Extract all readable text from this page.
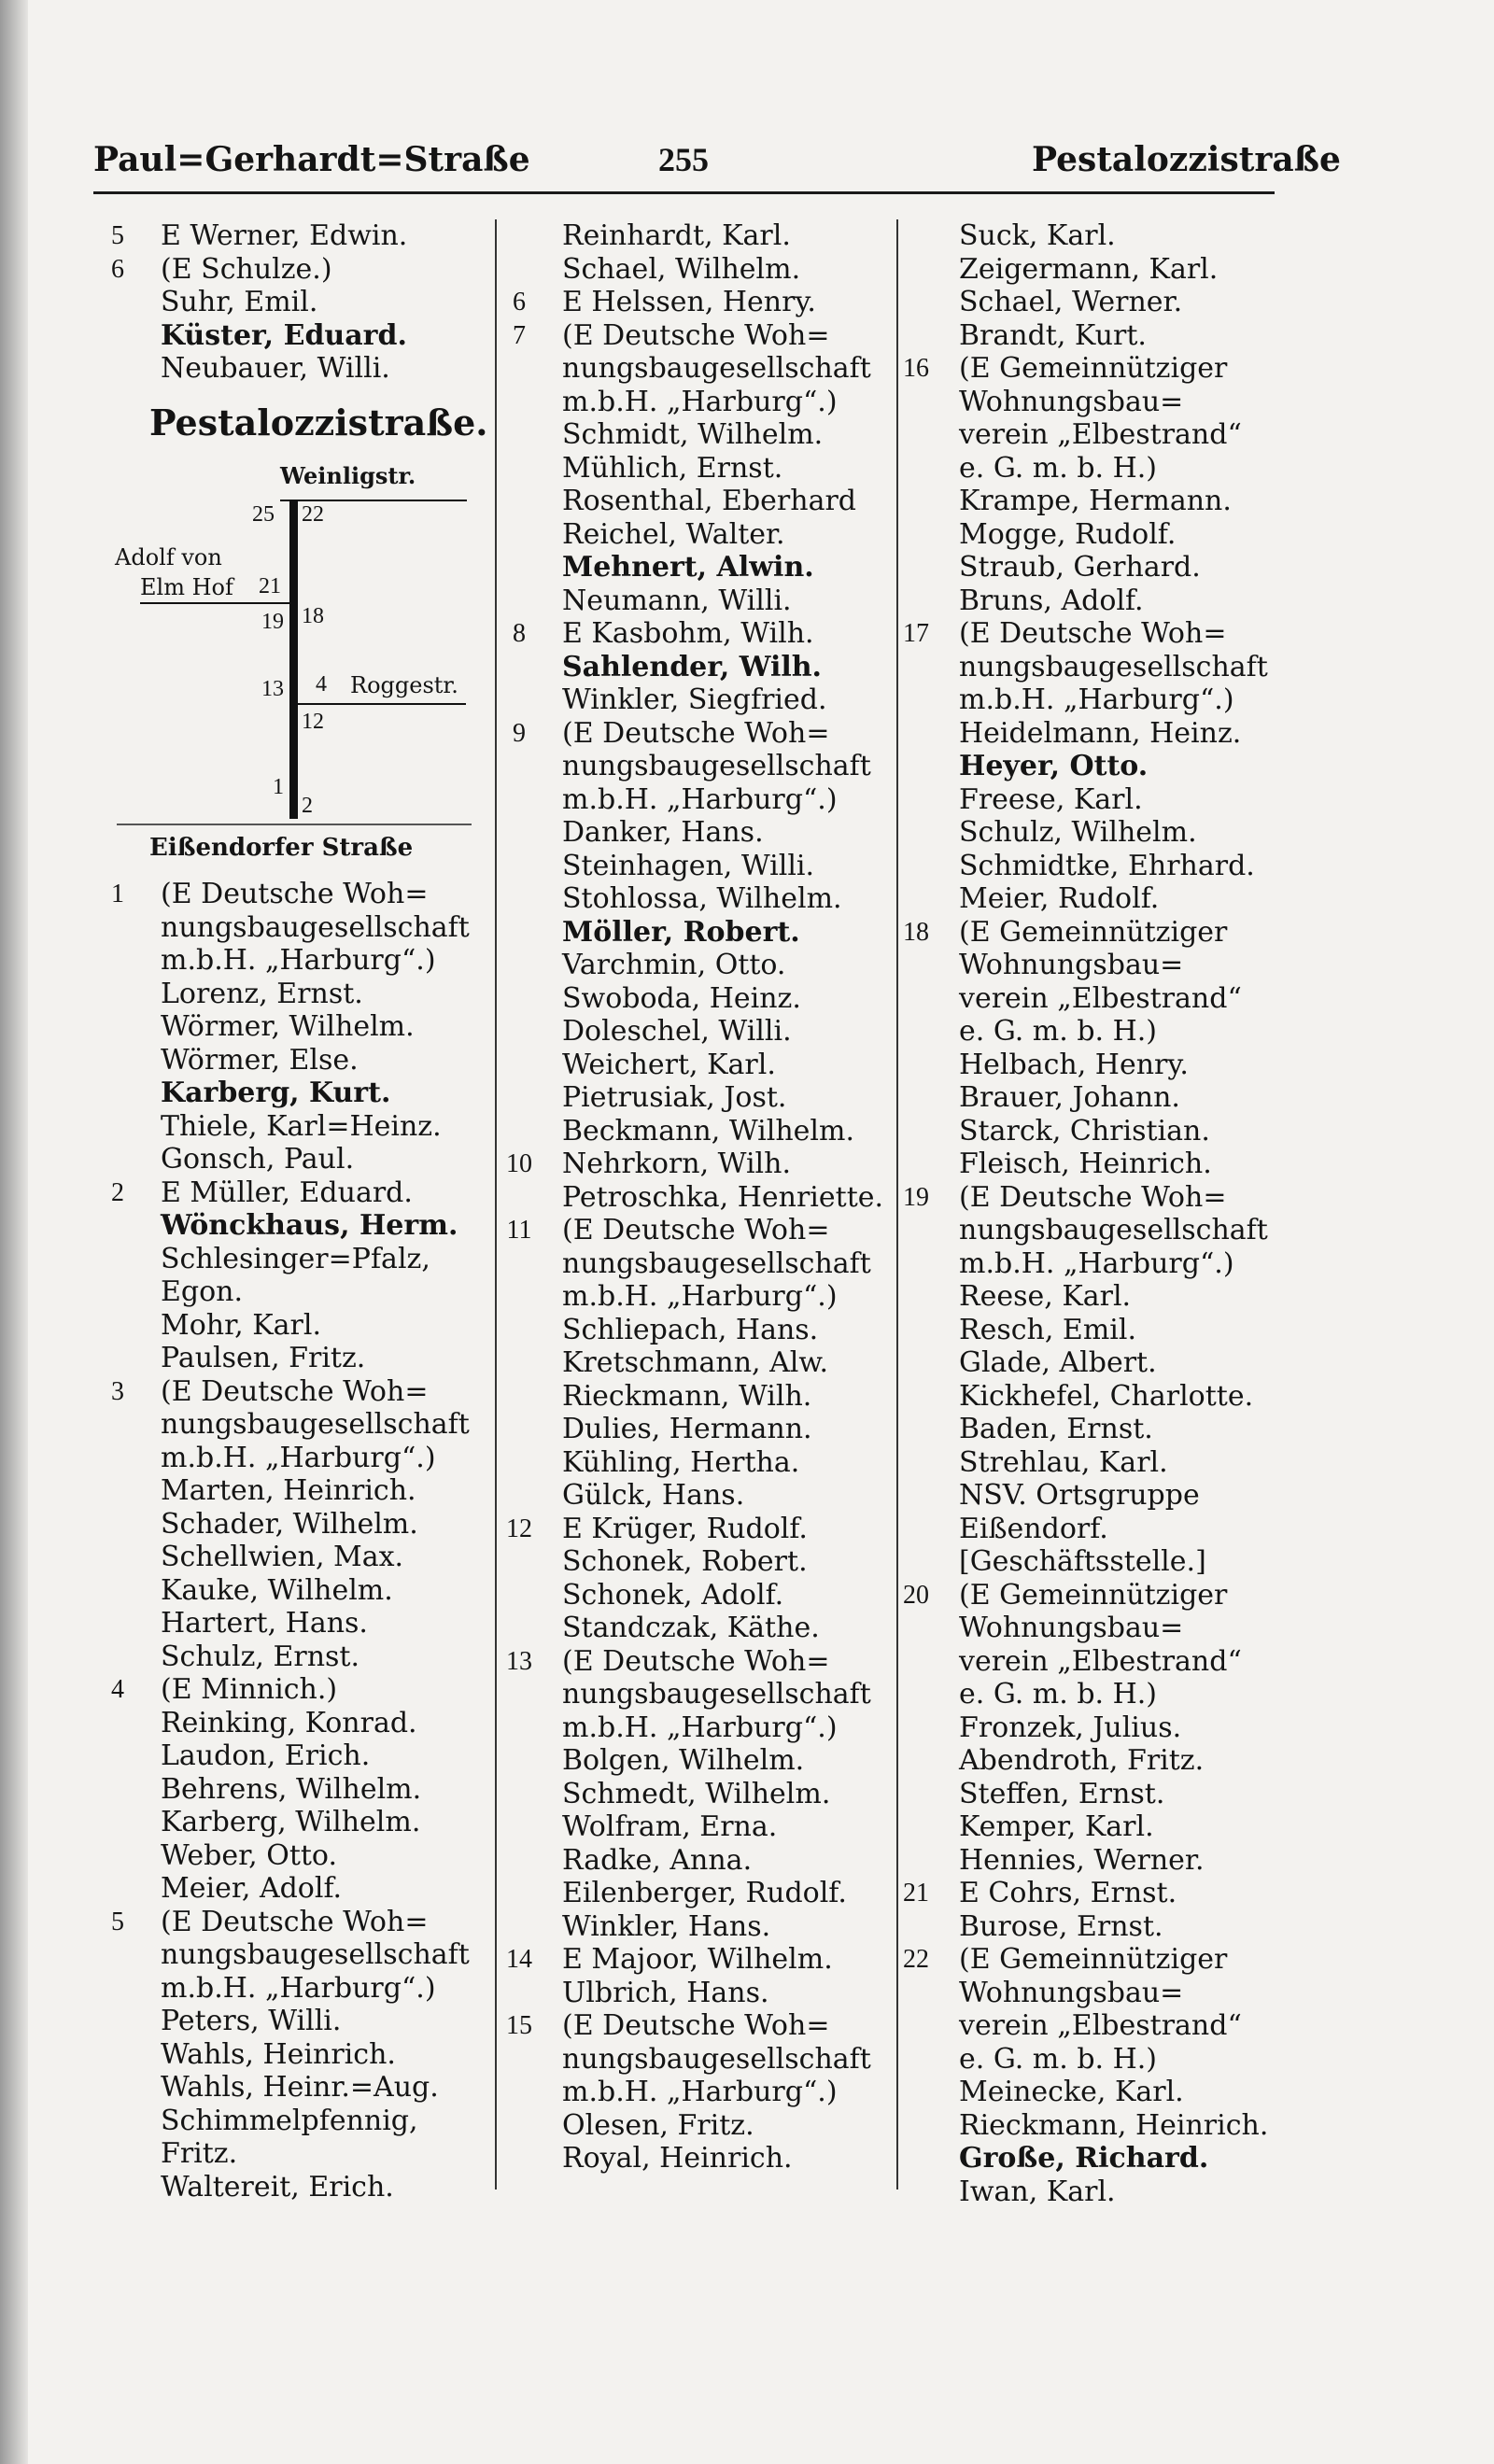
Paul=Gerhardt=Straße	255	Pestalozzistraße
5	E Werner, Edwin.
6	(E Schulze.)
Suhr, Emil.
Küster, Eduard.
Neubauer, Willi.
Pestalozzistraße.
Weinligstr.
25 22
Adolf von
Elm Hof 21
19 18
13 4 Roggestr.
12
1
2
Eißendorfer Straße
1	(E Deutsche Woh=
nungsbaugesellschaft
m.b.H. „Harburg“.)
Lorenz, Ernst.
Wörmer, Wilhelm.
Wörmer, Else.
Karberg, Kurt.
Thiele, Karl=Heinz.
Gonsch, Paul.
2	E Müller, Eduard.
Wönckhaus, Herm.
Schlesinger=Pfalz,
Egon.
Mohr, Karl.
Paulsen, Fritz.
3	(E Deutsche Woh=
nungsbaugesellschaft
m.b.H. „Harburg“.)
Marten, Heinrich.
Schader, Wilhelm.
Schellwien, Max.
Kauke, Wilhelm.
Hartert, Hans.
Schulz, Ernst.
4	(E Minnich.)
Reinking, Konrad.
Laudon, Erich.
Behrens, Wilhelm.
Karberg, Wilhelm.
Weber, Otto.
Meier, Adolf.
5	(E Deutsche Woh=
nungsbaugesellschaft
m.b.H. „Harburg“.)
Peters, Willi.
Wahls, Heinrich.
Wahls, Heinr.=Aug.
Schimmelpfennig,
Fritz.
Waltereit, Erich.
Reinhardt, Karl.
Schael, Wilhelm.
6	E Helssen, Henry.
7	(E Deutsche Woh=
nungsbaugesellschaft
m.b.H. „Harburg“.)
Schmidt, Wilhelm.
Mühlich, Ernst.
Rosenthal, Eberhard
Reichel, Walter.
Mehnert, Alwin.
Neumann, Willi.
8	E Kasbohm, Wilh.
Sahlender, Wilh.
Winkler, Siegfried.
9	(E Deutsche Woh=
nungsbaugesellschaft
m.b.H. „Harburg“.)
Danker, Hans.
Steinhagen, Willi.
Stohlossa, Wilhelm.
Möller, Robert.
Varchmin, Otto.
Swoboda, Heinz.
Doleschel, Willi.
Weichert, Karl.
Pietrusiak, Jost.
Beckmann, Wilhelm.
10	Nehrkorn, Wilh.
Petroschka, Henriette.
11	(E Deutsche Woh=
nungsbaugesellschaft
m.b.H. „Harburg“.)
Schliepach, Hans.
Kretschmann, Alw.
Rieckmann, Wilh.
Dulies, Hermann.
Kühling, Hertha.
Gülck, Hans.
12	E Krüger, Rudolf.
Schonek, Robert.
Schonek, Adolf.
Standczak, Käthe.
13	(E Deutsche Woh=
nungsbaugesellschaft
m.b.H. „Harburg“.)
Bolgen, Wilhelm.
Schmedt, Wilhelm.
Wolfram, Erna.
Radke, Anna.
Eilenberger, Rudolf.
Winkler, Hans.
14	E Majoor, Wilhelm.
Ulbrich, Hans.
15	(E Deutsche Woh=
nungsbaugesellschaft
m.b.H. „Harburg“.)
Olesen, Fritz.
Royal, Heinrich.
Suck, Karl.
Zeigermann, Karl.
Schael, Werner.
Brandt, Kurt.
16	(E Gemeinnütziger
Wohnungsbau=
verein „Elbestrand“
e. G. m. b. H.)
Krampe, Hermann.
Mogge, Rudolf.
Straub, Gerhard.
Bruns, Adolf.
17	(E Deutsche Woh=
nungsbaugesellschaft
m.b.H. „Harburg“.)
Heidelmann, Heinz.
Heyer, Otto.
Freese, Karl.
Schulz, Wilhelm.
Schmidtke, Ehrhard.
Meier, Rudolf.
18	(E Gemeinnütziger
Wohnungsbau=
verein „Elbestrand“
e. G. m. b. H.)
Helbach, Henry.
Brauer, Johann.
Starck, Christian.
Fleisch, Heinrich.
19	(E Deutsche Woh=
nungsbaugesellschaft
m.b.H. „Harburg“.)
Reese, Karl.
Resch, Emil.
Glade, Albert.
Kickhefel, Charlotte.
Baden, Ernst.
Strehlau, Karl.
NSV. Ortsgruppe
Eißendorf.
[Geschäftsstelle.]
20	(E Gemeinnütziger
Wohnungsbau=
verein „Elbestrand“
e. G. m. b. H.)
Fronzek, Julius.
Abendroth, Fritz.
Steffen, Ernst.
Kemper, Karl.
Hennies, Werner.
21	E Cohrs, Ernst.
Burose, Ernst.
22	(E Gemeinnütziger
Wohnungsbau=
verein „Elbestrand“
e. G. m. b. H.)
Meinecke, Karl.
Rieckmann, Heinrich.
Große, Richard.
Iwan, Karl.
